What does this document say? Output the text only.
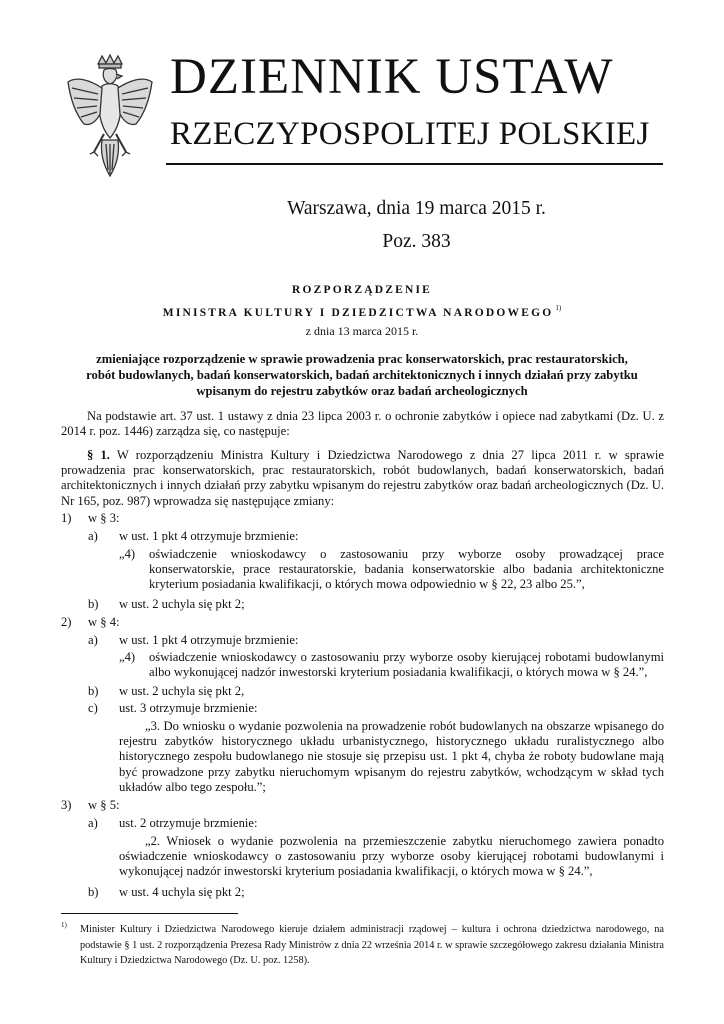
DZIENNIK USTAW
RZECZYPOSPOLITEJ POLSKIEJ
Warszawa, dnia 19 marca 2015 r.
Poz. 383
ROZPORZĄDZENIE
MINISTRA KULTURY I DZIEDZICTWA NARODOWEGO $^{1)}$
z dnia 13 marca 2015 r.
zmieniające rozporządzenie w sprawie prowadzenia prac konserwatorskich, prac restauratorskich,
robót budowlanych, badań konserwatorskich, badań architektonicznych i innych działań przy zabytku
wpisanym do rejestru zabytków oraz badań archeologicznych
Na podstawie art. 37 ust. 1 ustawy z dnia 23 lipca 2003 r. o ochronie zabytków i opiece nad zabytkami (Dz. U. z 2014 r. poz. 1446) zarządza się, co następuje:
§ 1. W rozporządzeniu Ministra Kultury i Dziedzictwa Narodowego z dnia 27 lipca 2011 r. w sprawie prowadzenia prac konserwatorskich, prac restauratorskich, robót budowlanych, badań konserwatorskich, badań architektonicznych i innych działań przy zabytku wpisanym do rejestru zabytków oraz badań archeologicznych (Dz. U. Nr 165, poz. 987) wprowadza się następujące zmiany:
1) w § 3:
a) w ust. 1 pkt 4 otrzymuje brzmienie:
„4) oświadczenie wnioskodawcy o zastosowaniu przy wyborze osoby prowadzącej prace konserwatorskie, prace restauratorskie, badania konserwatorskie albo badania architektoniczne kryterium posiadania kwalifikacji, o których mowa odpowiednio w § 22, 23 albo 25.”,
b) w ust. 2 uchyla się pkt 2;
2) w § 4:
a) w ust. 1 pkt 4 otrzymuje brzmienie:
„4) oświadczenie wnioskodawcy o zastosowaniu przy wyborze osoby kierującej robotami budowlanymi albo wykonującej nadzór inwestorski kryterium posiadania kwalifikacji, o których mowa w § 24.”,
b) w ust. 2 uchyla się pkt 2,
c) ust. 3 otrzymuje brzmienie:
„3. Do wniosku o wydanie pozwolenia na prowadzenie robót budowlanych na obszarze wpisanego do rejestru zabytków historycznego układu urbanistycznego, historycznego układu ruralistycznego albo historycznego zespołu budowlanego nie stosuje się przepisu ust. 1 pkt 4, chyba że roboty budowlane mają być prowadzone przy zabytku nieruchomym wpisanym do rejestru zabytków, wchodzącym w skład tych układów albo tego zespołu.”;
3) w § 5:
a) ust. 2 otrzymuje brzmienie:
„2. Wniosek o wydanie pozwolenia na przemieszczenie zabytku nieruchomego zawiera ponadto oświadczenie wnioskodawcy o zastosowaniu przy wyborze osoby kierującej robotami budowlanymi i wykonującej nadzór inwestorski kryterium posiadania kwalifikacji, o których mowa w § 24.”,
b) w ust. 4 uchyla się pkt 2;
1) Minister Kultury i Dziedzictwa Narodowego kieruje działem administracji rządowej – kultura i ochrona dziedzictwa narodowego, na podstawie § 1 ust. 2 rozporządzenia Prezesa Rady Ministrów z dnia 22 września 2014 r. w sprawie szczegółowego zakresu działania Ministra Kultury i Dziedzictwa Narodowego (Dz. U. poz. 1258).
